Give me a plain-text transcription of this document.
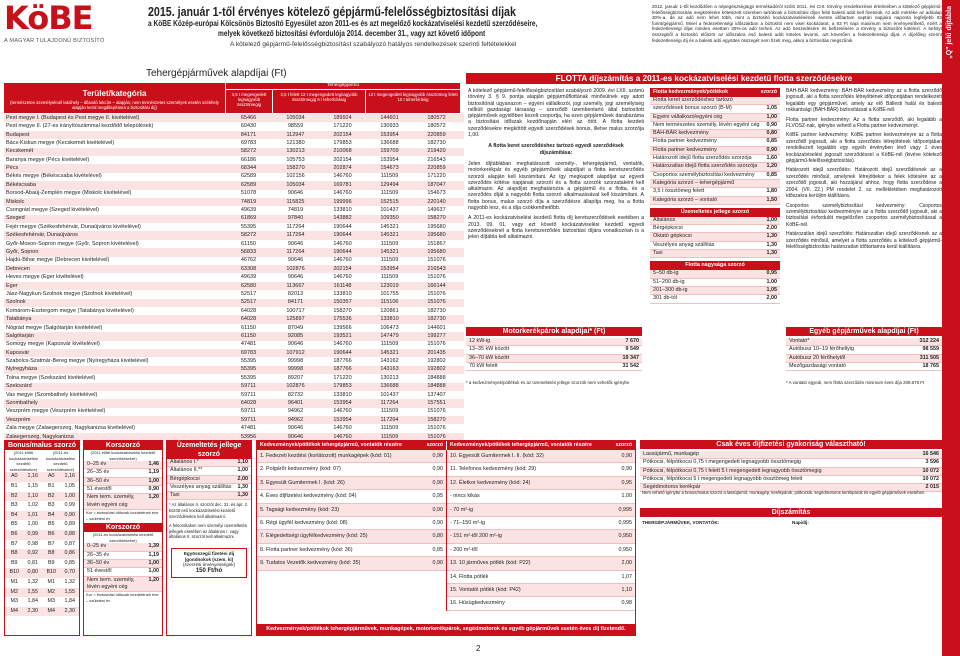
„Q" jelű díjtábla
KöBE
A MAGYAR TULAJDONÚ BIZTOSÍTÓ
2015. január 1-től érvényes kötelező gépjármű-felelősségbiztosítási díjak
a KöBE Közép-európai Kölcsönös Biztosító Egyesület azon 2011-es és azt megelőző kockázatviselési kezdetű szerződéseire,
melyek következő biztosítási évfordulója 2014. december 31., vagy azt követő időpont
A kötelező gépjármű-felelősségbiztosítást szabályozó hatályos rendelkezések szerinti feltételekkel
2012. január 1-től kezdődően a népegészségügyi termékadóról szóló 2011. évi CIII. törvény rendelkezései értelmében a kötelező gépjármű-felelősségbiztosítás megkötésére kötelezett üzemben tartóknak a biztosítási díjon felül balesti adót kell fizetniük. Az adó mértéke az adóalap 30%-a, de az adó nem lehet több, mint a biztosító kockázatviselésének évente időtartam naptári napjaira naponta legfeljebb 83 forint/gépjármű. Mivel a fedezetlenségi időszakban a biztosító nem visel kockázatot, a 83 Ft napi maximum nem érvényesíthető, ezért a fedezetlenségi díjat minden esetben 30%-os adó terheli. Az adó beszedésére és befizetésére a törvény a biztosítót kötelezi. A befolyt összegből a biztosító először az időszakra eső balesti adót köteles levonni, azt követően a fedezetlenségi díjat. A díjelőleg szerint fedezetlenségi díj és a balesti adó együttes összegét nem fizeti meg, akkor a biztosítás megszűnik.
Tehergépjárművek alapdíjai (Ft)
Terület/kategória
(természetes személyeknél lakóhely – állandó lakcím – alapján, nem természetes személyek esetén székhely alapján kerül megállapításra a biztosítási díj)
Tehergépjármű
3,5 t megengedett legnagyobb össztömegig
3,5 t felett 12 t megengedett legnagyobb össztömegig 6 t teherbírásig
12 t megengedett legnagyobb össztömeg felett 10 t teherbírásig
Pest megye I. (Budapest és Pest megye II. kivételével)	65466	105034	189924	144601	180572
Pest megye II. (27-es irányítószámmal kezdődő települések)	60430	98559	171220	130933	180572
Budapest	84171	112947	202154	153954	220859
Bács-Kiskun megye (Kecskemét kivételével)	69783	121380	179853	136688	182730
Kecskemét	58272	130213	210068	159709	219420
Baranya megye (Pécs kivételével)	66186	105753	202154	153954	216543
Pécs	68344	158270	202874	154673	220859
Békés megye (Békéscsaba kivételével)	62589	102156	146760	111509	171220
Békéscsaba	62589	105034	169781	129494	187047
Borsod-Abaúj-Zemplén megye (Miskolc kivételével)	51078	90646	146760	111509	154673
Miskolc	74819	115825	199996	152515	220140
Csongrád megye (Szeged kivételével)	49639	74819	133810	101437	149637
Szeged	61869	97840	143882	109350	158270
Fejér megye (Székesfehérvár, Dunaújváros kivételével)	55395	117264	190644	145321	195680
Székesfehérvár, Dunaújváros	58272	117264	190644	145321	195680
Győr-Moson-Sopron megye (Győr, Sopron kivételével)	61150	90646	146760	111509	151867
Győr, Sopron	56833	117264	190644	145321	195680
Hajdú-Bihar megye (Debrecen kivételével)	46762	90646	146760	111509	151076
Debrecen	63308	102876	202154	153954	216543
Heves megye (Eger kivételével)	49639	90646	146760	111509	151076
Eger	62580	113667	161148	123019	166144
Jász-Nagykun-Szolnok megye (Szolnok kivételével)	52517	82013	133810	101755	151076
Szolnok	52517	84171	150357	115106	151076
Komárom-Esztergom megye (Tatabánya kivételével)	64028	100717	158270	120861	182730
Tatabánya	64028	125897	175536	133810	182730
Nógrád megye (Salgótarján kivételével)	61150	87049	139566	106473	144601
Salgótarján	61150	92085	193521	147479	199277
Somogy megye (Kaposvár kivételével)	47481	90646	146760	111509	151076
Kaposvár	69783	107912	190644	145321	201435
Szabolcs-Szatmár-Bereg megye (Nyíregyháza kivételével)	55395	99998	187766	143162	192802
Nyíregyháza	55395	99998	187766	143163	192802
Tolna megye (Szekszárd kivételével)	55395	89207	171220	130213	184888
Szekszárd	59711	102876	179853	136688	184888
Vas megye (Szombathely kivételével)	59711	82732	133810	101437	137407
Szombathely	64028	96401	153954	117264	157551
Veszprém megye (Veszprém kivételével)	59711	94962	146760	111509	151076
Veszprém	59711	94962	153954	117264	158270
Zala megye (Zalaegerszeg, Nagykanizsa kivételével)	47481	90646	146760	111509	151076
Zalaegerszeg, Nagykanizsa	53956	90646	146760	111509	151076
Bonus/malus szorzó
(2011 előtti kockázatviselési kezdetű szerződésekre)
(2011-es kockázatviselési kezdetű szerződésekre)
A0	1,16	A0	1,16
B1	1,15	B1	1,05
B2	1,10	B2	1,00
B3	1,02	B3	0,99
B4	1,01	B4	0,90
B5	1,00	B5	0,89
B6	0,99	B6	0,88
B7	0,98	B7	0,87
B8	0,92	B8	0,86
B9	0,81	B9	0,85
B10	0,80	B10	0,70
M1	1,32	M1	1,32
M2	1,55	M2	1,55
M3	1,84	M3	1,84
M4	2,30	M4	2,30
Korszorzó
(2011 előtti kockázatviselési kezdetű szerződésekre)
0–25 év	1,46
26–35 év	1,19
36–50 év	1,00
51 évestől	0,90
Nem term. személy, lévén egyéni cég
1,20
Kor = biztosítási időszak kezdetének éve – születési év
Korszorzó
(2011-es kockázatviselési kezdetű szerződésekre)
0–25 év	1,39
26–35 év	1,19
36–50 év	1,00
51 évestől	1,00
Nem term. személy, lévén egyéni cég
1,20
Kor = biztosítási időszak kezdetének éve – születési év
Üzemeltetés jellege szorzó
Általános I.*	1,10
Általános II.**	1,00
Bérgépkocsi	2,00
Veszélyes anyag szállítás 1,30
Taxi	1,30
* Az általános II. szorzót dec. 31. és ápr. 2. között eső kockázatviselési kezdetű szerződésekre kell alkalmazni.
A felsoroltakon nem személyi üzemeltetés jellegek esetében az általános I. vagy általános II. szorzót kell alkalmazni.
Egyösszegű fizetési díj (gondnokok (szem. ki)
(szerzési érvényességek)
150 Ft/hó
Kedvezmények/pótlékok tehergépjármű, vontatók részére	szorzó Kedvezmények/pótlékok tehergépjármű, vontatók részére	szorzó
1. Fedezeti kezdési (korlátozott) munkagépek (kód: 01)	0,90
2. Polgárőr kedvezmény (kód: 07)	0,90
3. Egyesült Gumitermek I. (kód: 26)	0,90
4. Éves díjfizetési kedvezmény (kód: 04)	0,95
5. Tagsági kedvezmény (kód: 23)	0,90
6. Régi ügyfél kedvezmény (kód: 08)	0,90
7. Elégedettségi ügyfélkedvezmény (kód: 25)	0,80
8. Flotta partner kedvezmény (kód: 36)	0,85
9. Tudatos Vezetők kedvezmény (kód: 35)	0,90
10. Egyesült Gumitermek I. II. (kód: 32)	0,90
11. Telefonos kedvezmény (kód: 29)	0,90
12. Életkor kedvezmény (kód: 24)	0,95
- nincs kikás	1,00
- 70 m²-ig	0,995
- 71–150 m²-ig	0,995
- 151 m²-től 200 m²-ig	0,950
- 200 m²-től	0,950
13. 10 járműves pótlék (kód: P22)	2,00
14. Flotta pótlék	1,07
15. Vontatói pótlék (kód: P42)	1,10
16. Húsügkedvezmény	0,98
Kedvezmények/pótlékok tehergépjárművek, munkagépek, motorkerékpárok, segédmotorok és egyéb gépjárművek esetén éves díj fizetendő.
FLOTTA díjszámítás a 2011-es kockázatviselési kezdetű flotta szerződésekre
A kötelező gépjármű-felelősségbiztosítást szabályozó 2009. évi LXII. számú törvény 3. § 9. pontja alapján gépjárműflottának minősülnek egy adott biztosítónál ugyanazon – egyéni vállalkozói, jogi személy, jogi személyiség nélküli gazdasági társaság – szerződő üzembentartó által biztosított gépjárművek egyidőben kezelt csoportja, ha ezen gépjárművek darabszáma a biztosítási időszak kezdőnapján eléri az ötöt. A flotta kezdeti szerződésekre megkötött egyedi szerződések bonus, illetve malus szorzója 1,00.
A flotta keret szerződéshez tartozó egyedi szerződések díjszámítása:
Jelen díjtáblában meghatározott személy-, tehergépjármű, vontatók, motorkerékpár és egyéb gépjárművek alapdíjait a flotta keretszerződés szorzói alapján kell kiszámítani. Az így megkapott alapdíjat az egyedi szerződés kötése napjának szorzói és a flotta szorzók szorzataként kell alkalmazni. Az alapdíjat meghatározza a gépjármű és a flotta, és a szerződés díját a nagyobb flotta szorzó alkalmazásával kell kiszámítani. A flotta bonus, malus szorzó díja a szerződésre állapítja meg, ha a flotta nagyobb lesz, és a díja csökkenthetőbb.
A 2011-es kockázatviselési kezdetű flotta díj keretszerződések esetében a 2013. 09. 01. vagy ezt követő kockázatviselési kezdetű egyedi szerződéseknél a flotta keretszerződés biztosítási díjára vonatkozóan is a jelen díjtábla kell alkalmazni.
Flotta kedvezmények/pótlékok	szorzó
Flotta keret szerződéshez tartozó
szerződések bonus szorzó (B-M)	1,05
Egyéni vállalkozó/egyéni cég	1,00
Nem természetes személy, lévén egyéni cég 0,90
BÁH-BÁR kedvezmény	0,80
Flotta partner kedvezmény	0,85
Flotta partner kedvezmény	0,90
Határozott idejű flotta szerződés szorzója	1,60
Határozatlan idejű flotta szerződés szorzója 1,20
Csoportos személybiztosítási kedvezmény 0,85
Kategória szorzó – tehergépjármű
3,5 t össztömeg felett	1,80
Kategória szorzó – vontató	1,50
Üzemeltetés jellege szorzó
Általános	1,00
Bérgépkocsi	2,00
Oktató gépkocsi	1,30
Veszélyes anyag szállítás	1,30
Taxi	1,30
Flotta nagysága szorzó
5–50 db-ig	0,95
51–200 db-ig	1,00
201–300 db-ig	1,05
301 db-tól	2,00
BAH-BÁR kedvezmény: BÁH-BÁR kedvezmény az a flotta szerződő jogosult, aki a flotta szerződés létrejöttének időpontjában rendelkezett legalább egy gépjárművel, amely az elő Bállesti halál és balesti rokkantsági (BAH-BÁR) biztosítással a KöBE-nél.
Flotta partner kedvezmény: Az a flotta szerződő, aki legalább a FLVOSZ-nak, igénybe vehető a Flotta partner kedvezményt.
KöBE partner kedvezmény: KöBE partner kedvezményre az a flotta szerződő jogosult, aki a flotta szerződés létrejöttének időpontjában rendelkezett legalább egy egyéb érvényben lévő vagy 1 éves kockázatviselési jogosult szerződéssel a KöBE-nél (kivéve kötelező gépjármű-felelősségbiztosítás).
Határozott idejű szerződés: Határozott idejű szerződésnek az a szerződés minősül, amelynek létrejöttekor a felek kötésére az a szerződő jogosult, aki hozzájárul ahhoz, hogy flotta szerződése a 2004. (VII. 22.) PM rendelet 2. sz. mellékletében meghatározott időszakra kerüljön kiállításra.
Csoportos személybiztosítási kedvezmény: Csoportos személybiztosítási kedvezményre az a flotta szerződő jogosult, aki a biztosítási évfordulót megelőzően csoportos személybiztosítással a KöBE-nél.
Határozatlan idejű szerződés: Határozatlan idejű szerződésnek az a szerződés minősül, amelyet a flotta szerződés a kötelező gépjármű-felelősségbiztosítás határozatlan időtartamra kerül kiállításra.
Motorkerékpárok alapdíjai* (Ft)
12 kW-ig	7 670
13–35 kW között	9 549
36–70 kW között	19 347
70 kW felett	31 542
* a kedvezmények/pótlékok és az üzemeltetés jellege szorzók nem vehetők igénybe
Egyéb gépjárművek alapdíjai (Ft)
Vontató*	312 224
Autóbusz 10–19 férőhellyig	98 559
Autóbusz 20 férőhelytől	311 505
Mezőgazdasági vontató	18 765
* A vontató egyedi, nem flotta szerződés minimum éves díja 209.875 Ft
Csak éves díjfizetési gyakoriság választható!
Lassújármű, munkagép	16 546
Pótkocsi, félpótkocsi 0,75 t megengedett legnagyobb össztömegig	3 596
Pótkocsi, félpótkocsi 0,75 t felett 5 t megengedett legnagyobb össztömegig	10 072
Pótkocsi, félpótkocsi 5 t megengedett legnagyobb össztömeg felett	10 072
Segédmotoros kerékpár	2 015
Nem vehető igénybe a bonus/malus szorzó a lassújármű, munkagép, kerékpárok, pótkocsik, segédmotoros kerékpárok és egyéb gépjárművek esetében.
Díjszámítás
THERGÉPJÁRMŰVEK, VONTATÓK:	Napidíj:
2
